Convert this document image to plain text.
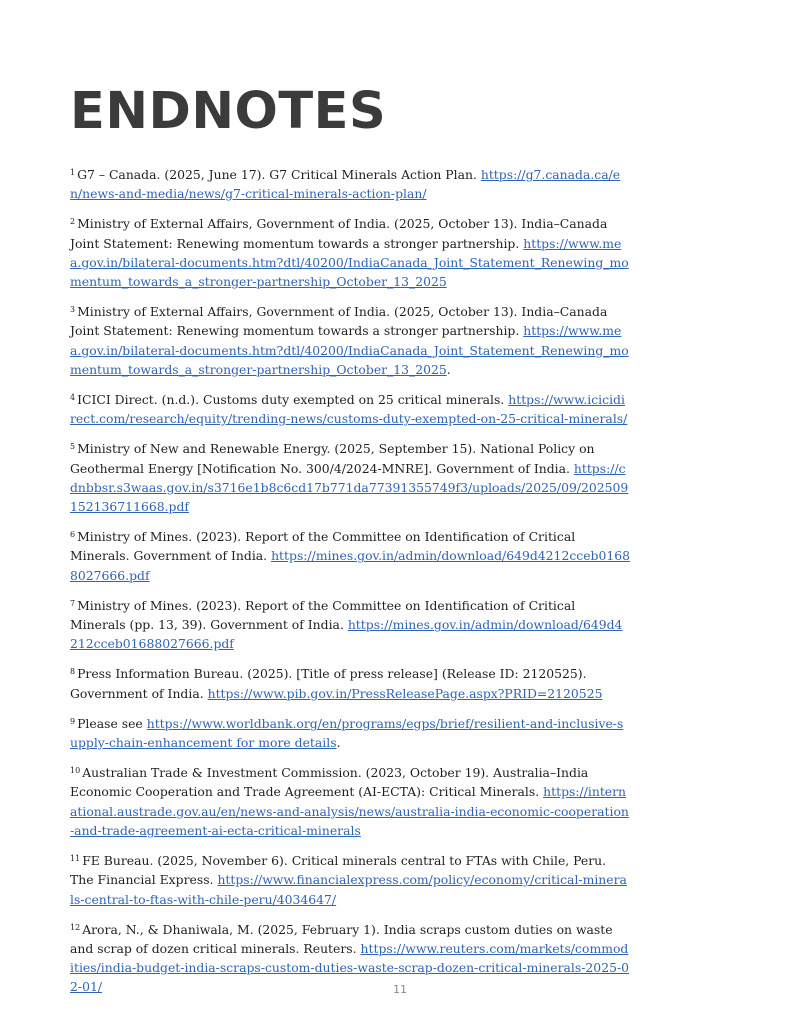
ENDNOTES

$^1$ G7 – Canada. (2025, June 17). G7 Critical Minerals Action Plan. https://g7.canada.ca/en/news-and-media/news/g7-critical-minerals-action-plan/

$^2$ Ministry of External Affairs, Government of India. (2025, October 13). India–Canada Joint Statement: Renewing momentum towards a stronger partnership. https://www.mea.gov.in/bilateral-documents.htm?dtl/40200/IndiaCanada_Joint_Statement_Renewing_momentum_towards_a_stronger-partnership_October_13_2025

$^3$ Ministry of External Affairs, Government of India. (2025, October 13). India–Canada Joint Statement: Renewing momentum towards a stronger partnership. https://www.mea.gov.in/bilateral-documents.htm?dtl/40200/IndiaCanada_Joint_Statement_Renewing_momentum_towards_a_stronger-partnership_October_13_2025.

$^4$ ICICI Direct. (n.d.). Customs duty exempted on 25 critical minerals. https://www.icicidirect.com/research/equity/trending-news/customs-duty-exempted-on-25-critical-minerals/

$^5$ Ministry of New and Renewable Energy. (2025, September 15). National Policy on Geothermal Energy [Notification No. 300/4/2024-MNRE]. Government of India. https://cdnbbsr.s3waas.gov.in/s3716e1b8c6cd17b771da77391355749f3/uploads/2025/09/202509152136711668.pdf

$^6$ Ministry of Mines. (2023). Report of the Committee on Identification of Critical Minerals. Government of India. https://mines.gov.in/admin/download/649d4212cceb01688027666.pdf

$^7$ Ministry of Mines. (2023). Report of the Committee on Identification of Critical Minerals (pp. 13, 39). Government of India. https://mines.gov.in/admin/download/649d4212cceb01688027666.pdf

$^8$ Press Information Bureau. (2025). [Title of press release] (Release ID: 2120525). Government of India. https://www.pib.gov.in/PressReleasePage.aspx?PRID=2120525

$^9$ Please see https://www.worldbank.org/en/programs/egps/brief/resilient-and-inclusive-supply-chain-enhancement for more details.

$^{10}$ Australian Trade & Investment Commission. (2023, October 19). Australia–India Economic Cooperation and Trade Agreement (AI-ECTA): Critical Minerals. https://international.austrade.gov.au/en/news-and-analysis/news/australia-india-economic-cooperation-and-trade-agreement-ai-ecta-critical-minerals

$^{11}$ FE Bureau. (2025, November 6). Critical minerals central to FTAs with Chile, Peru. The Financial Express. https://www.financialexpress.com/policy/economy/critical-minerals-central-to-ftas-with-chile-peru/4034647/

$^{12}$ Arora, N., & Dhaniwala, M. (2025, February 1). India scraps custom duties on waste and scrap of dozen critical minerals. Reuters. https://www.reuters.com/markets/commodities/india-budget-india-scraps-custom-duties-waste-scrap-dozen-critical-minerals-2025-02-01/	11
